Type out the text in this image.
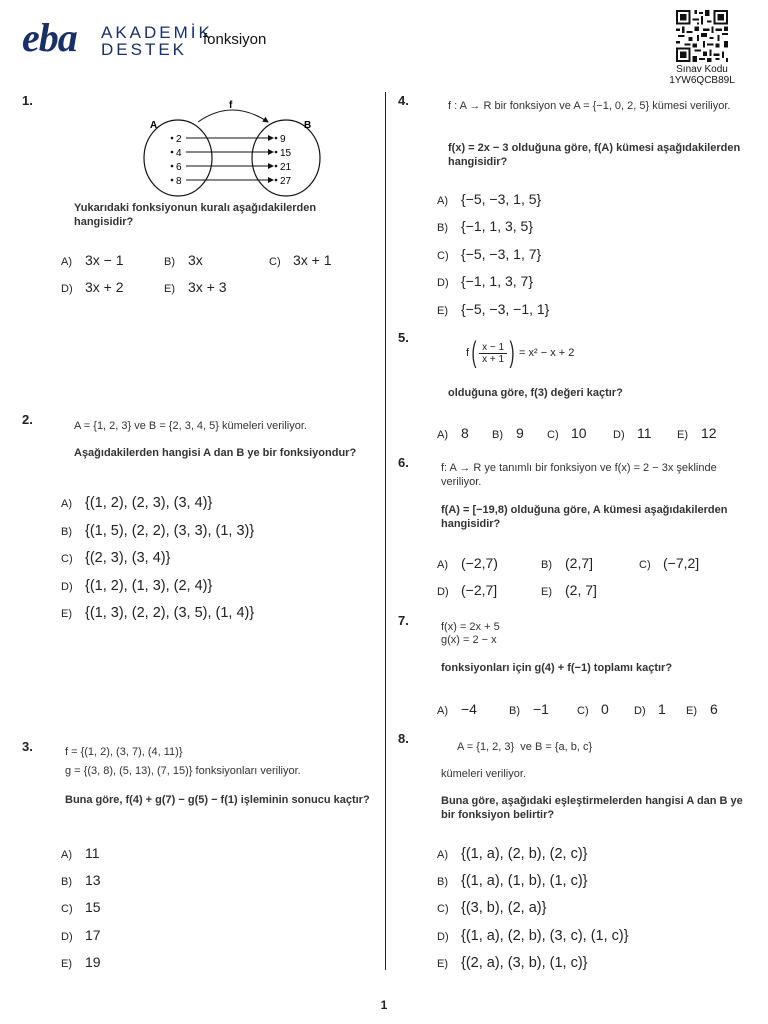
eba AKADEMİK
DESTEK
fonksiyon
Sınav Kodu
1YW6QCB89L
1.	f
A	B
2
4
6
8
9
15
21
27
Yukarıdaki fonksiyonun kuralı aşağıdakilerden hangisidir?
A) 3x − 1	B) 3x	C) 3x + 1
D) 3x + 2	E) 3x + 3
2.	A = {1, 2, 3} ve B = {2, 3, 4, 5} kümeleri veriliyor.
Aşağıdakilerden hangisi A dan B ye bir fonksiyondur?
A) {(1, 2), (2, 3), (3, 4)}
B) {(1, 5), (2, 2), (3, 3), (1, 3)}
C) {(2, 3), (3, 4)}
D) {(1, 2), (1, 3), (2, 4)}
E) {(1, 3), (2, 2), (3, 5), (1, 4)}
3.	f = {(1, 2), (3, 7), (4, 11)}
g = {(3, 8), (5, 13), (7, 15)} fonksiyonları veriliyor.
Buna göre, f(4) + g(7) − g(5) − f(1) işleminin sonucu kaçtır?
A) 11
B) 13
C) 15
D) 17
E) 19
4.	f : A → R bir fonksiyon ve A = {−1, 0, 2, 5} kümesi veriliyor.
f(x) = 2x − 3 olduğuna göre, f(A) kümesi aşağıdakilerden hangisidir?
A) {−5, −3, 1, 5}
B) {−1, 1, 3, 5}
C) {−5, −3, 1, 7}
D) {−1, 1, 3, 7}
E) {−5, −3, −1, 1}
5.
f ( $\frac{x - 1}{x + 1}$ ) = x² − x + 2
olduğuna göre, f(3) değeri kaçtır?
A) 8 B) 9 C) 10 D) 11 E) 12
6.	f: A → R ye tanımlı bir fonksiyon ve f(x) = 2 − 3x şeklinde veriliyor.
f(A) = [−19,8) olduğuna göre, A kümesi aşağıdakilerden hangisidir?
A) (−2,7)	B) (2,7]	C) (−7,2]
D) (−2,7]	E) (2, 7]
7.	f(x) = 2x + 5
g(x) = 2 − x
fonksiyonları için g(4) + f(−1) toplamı kaçtır?
A) −4	B) −1	C) 0 D) 1 E) 6
8.
A = {1, 2, 3}  ve B = {a, b, c}
kümeleri veriliyor.
Buna göre, aşağıdaki eşleştirmelerden hangisi A dan B ye bir fonksiyon belirtir?
A) {(1, a), (2, b), (2, c)}
B) {(1, a), (1, b), (1, c)}
C) {(3, b), (2, a)}
D) {(1, a), (2, b), (3, c), (1, c)}
E) {(2, a), (3, b), (1, c)}
1
